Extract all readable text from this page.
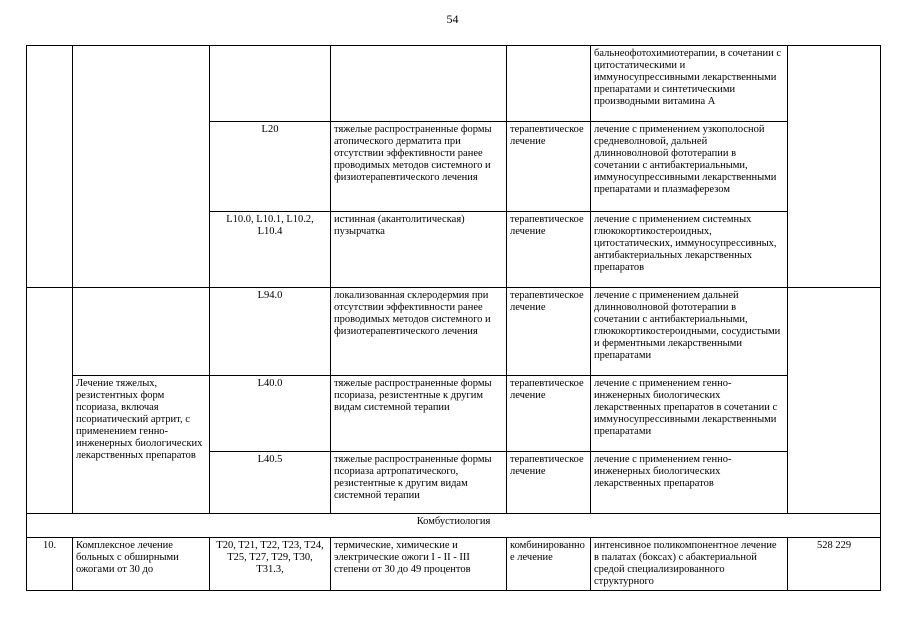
54
					бальнеофотохимиотерапии, в сочетании с цитостатическими и иммуносупрессивными лекарственными препаратами и синтетическими производными витамина А	
		L20	тяжелые распространенные формы атопического дерматита при отсутствии эффективности ранее проводимых методов системного и физиотерапевтического лечения	терапевтическое лечение	лечение с применением узкополосной средневолновой, дальней длинноволновой фототерапии в сочетании с антибактериальными, иммуносупрессивными лекарственными препаратами и плазмаферезом	
		L10.0, L10.1, L10.2, L10.4	истинная (акантолитическая) пузырчатка	терапевтическое лечение	лечение с применением системных глюкокортикостероидных, цитостатических, иммуносупрессивных, антибактериальных лекарственных препаратов	
		L94.0	локализованная склеродермия при отсутствии эффективности ранее проводимых методов системного и физиотерапевтического лечения	терапевтическое лечение	лечение с применением дальней длинноволновой фототерапии в сочетании с антибактериальными, глюкокортикостероидными, сосудистыми и ферментными лекарственными препаратами	
	Лечение тяжелых, резистентных форм псориаза, включая псориатический артрит, с применением генно-инженерных биологических лекарственных препаратов	L40.0	тяжелые распространенные формы псориаза, резистентные к другим видам системной терапии	терапевтическое лечение	лечение с применением генно-инженерных биологических лекарственных препаратов в сочетании с иммуносупрессивными лекарственными препаратами	
		L40.5	тяжелые распространенные формы псориаза артропатического, резистентные к другим видам системной терапии	терапевтическое лечение	лечение с применением генно-инженерных биологических лекарственных препаратов	
Комбустиология						
10.	Комплексное лечение больных с обширными ожогами от 30 до	T20, T21, T22, T23, T24, T25, T27, T29, T30, T31.3,	термические, химические и электрические ожоги I - II - III степени от 30 до 49 процентов	комбинированное лечение	интенсивное поликомпонентное лечение в палатах (боксах) с абактериальной средой специализированного структурного	528 229
